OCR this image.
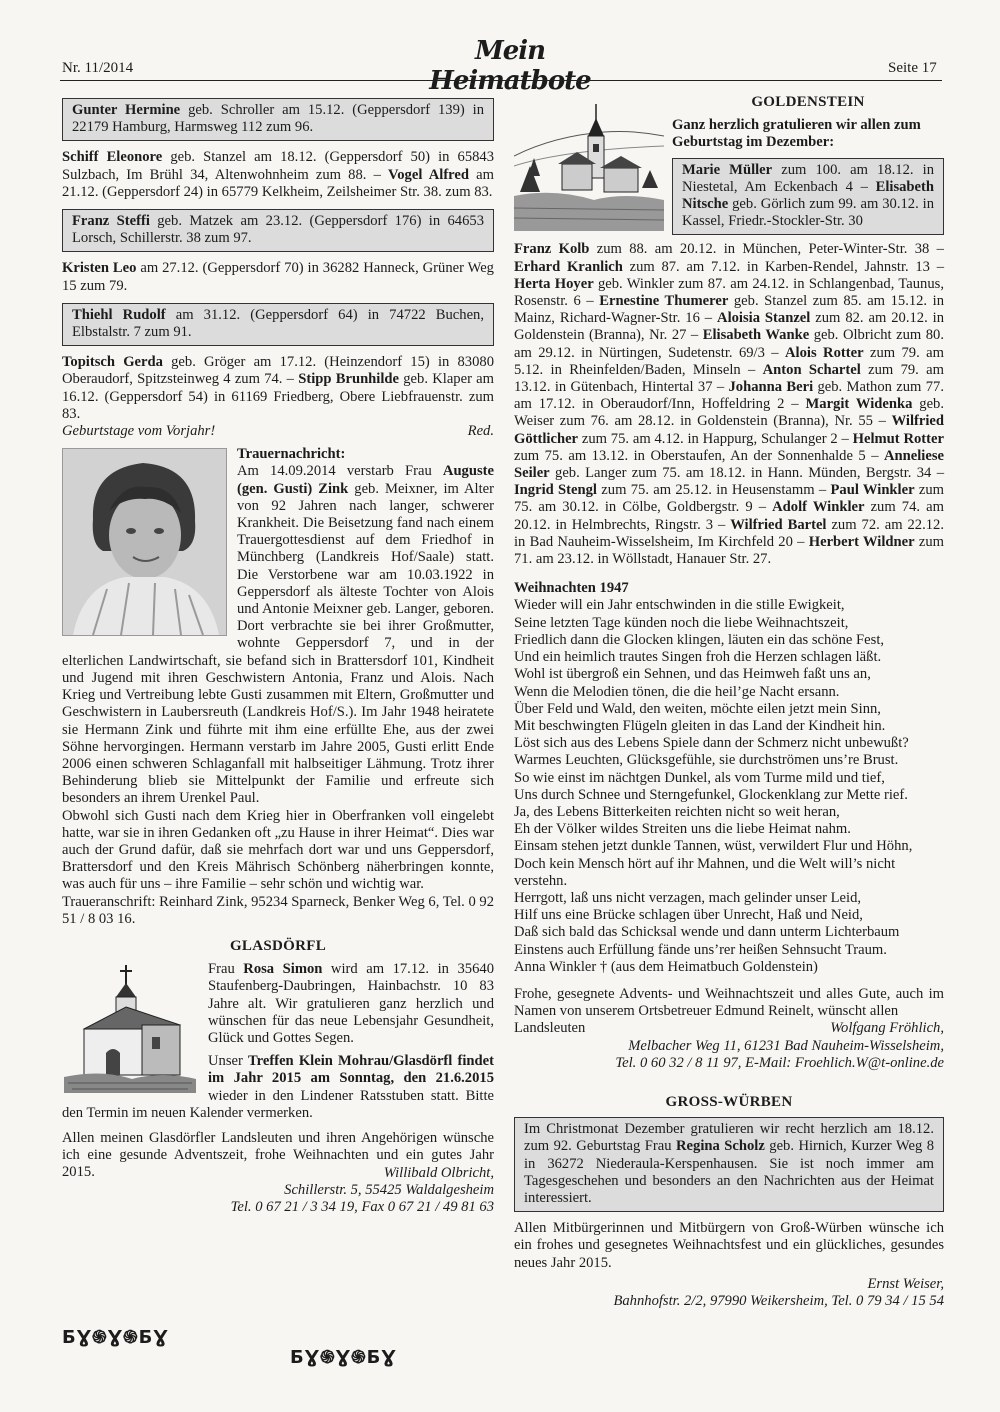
Nr. 11/2014
Mein Heimatbote	Seite 17
Gunter Hermine geb. Schroller am 15.12. (Geppersdorf 139) in 22179 Hamburg, Harmsweg 112 zum 96.

Schiff Eleonore geb. Stanzel am 18.12. (Geppersdorf 50) in 65843 Sulzbach, Im Brühl 34, Altenwohnheim zum 88. – Vogel Alfred am 21.12. (Geppersdorf 24) in 65779 Kelkheim, Zeilsheimer Str. 38. zum 83.

Franz Steffi geb. Matzek am 23.12. (Geppersdorf 176) in 64653 Lorsch, Schillerstr. 38 zum 97.

Kristen Leo am 27.12. (Geppersdorf 70) in 36282 Hanneck, Grüner Weg 15 zum 79.

Thiehl Rudolf am 31.12. (Geppersdorf 64) in 74722 Buchen, Elbstalstr. 7 zum 91.

Topitsch Gerda geb. Gröger am 17.12. (Heinzendorf 15) in 83080 Oberaudorf, Spitzsteinweg 4 zum 74. – Stipp Brunhilde geb. Klaper am 16.12. (Geppersdorf 54) in 61169 Friedberg, Obere Liebfrauenstr. zum 83.

Geburtstage vom Vorjahr!	Red.

Trauernachricht:
Am 14.09.2014 verstarb Frau Auguste (gen. Gusti) Zink geb. Meixner, im Alter von 92 Jahren nach langer, schwerer Krankheit. Die Beisetzung fand nach einem Trauergottesdienst auf dem Friedhof in Münchberg (Landkreis Hof/Saale) statt. Die Verstorbene war am 10.03.1922 in Geppersdorf als älteste Tochter von Alois und Antonie Meixner geb. Langer, geboren. Dort verbrachte sie bei ihrer Großmutter, wohnte Geppersdorf 7, und in der elterlichen Landwirtschaft, sie befand sich in Brattersdorf 101, Kindheit und Jugend mit ihren Geschwistern Antonia, Franz und Alois. Nach Krieg und Vertreibung lebte Gusti zusammen mit Eltern, Großmutter und Geschwistern in Laubersreuth (Landkreis Hof/S.). Im Jahr 1948 heiratete sie Hermann Zink und führte mit ihm eine erfüllte Ehe, aus der zwei Söhne hervorgingen. Hermann verstarb im Jahre 2005, Gusti erlitt Ende 2006 einen schweren Schlaganfall mit halbseitiger Lähmung. Trotz ihrer Behinderung blieb sie Mittelpunkt der Familie und erfreute sich besonders an ihrem Urenkel Paul.

Obwohl sich Gusti nach dem Krieg hier in Oberfranken voll eingelebt hatte, war sie in ihren Gedanken oft „zu Hause in ihrer Heimat“. Dies war auch der Grund dafür, daß sie mehrfach dort war und uns Geppersdorf, Brattersdorf und den Kreis Mährisch Schönberg näherbringen konnte, was auch für uns – ihre Familie – sehr schön und wichtig war.

Traueranschrift: Reinhard Zink, 95234 Sparneck, Benker Weg 6, Tel. 0 92 51 / 8 03 16.

GLASDÖRFL

Frau Rosa Simon wird am 17.12. in 35640 Staufenberg-Daubringen, Hainbachstr. 10 83 Jahre alt. Wir gratulieren ganz herzlich und wünschen für das neue Lebensjahr Gesundheit, Glück und Gottes Segen.

Unser Treffen Klein Mohrau/Glasdörfl findet im Jahr 2015 am Sonntag, den 21.6.2015 wieder in den Lindener Ratsstuben statt. Bitte den Termin im neuen Kalender vermerken.

Allen meinen Glasdörfler Landsleuten und ihren Angehörigen wünsche ich eine gesunde Adventszeit, frohe Weihnachten und ein gutes Jahr 2015.	Willibald Olbricht,

Schillerstr. 5, 55425 Waldalgesheim

Tel. 0 67 21 / 3 34 19, Fax 0 67 21 / 49 81 63

ƂƔ֍Ɣ֍ƂƔ
ƂƔ֍Ɣ֍ƂƔ
GOLDENSTEIN

Ganz herzlich gratulieren wir allen zum Geburtstag im Dezember:

Marie Müller zum 100. am 18.12. in Niestetal, Am Eckenbach 4 – Elisabeth Nitsche geb. Görlich zum 99. am 30.12. in Kassel, Friedr.-Stockler-Str. 30

Franz Kolb zum 88. am 20.12. in München, Peter-Winter-Str. 38 – Erhard Kranlich zum 87. am 7.12. in Karben-Rendel, Jahnstr. 13 – Herta Hoyer geb. Winkler zum 87. am 24.12. in Schlangenbad, Taunus, Rosenstr. 6 – Ernestine Thumerer geb. Stanzel zum 85. am 15.12. in Mainz, Richard-Wagner-Str. 16 – Aloisia Stanzel zum 82. am 20.12. in Goldenstein (Branna), Nr. 27 – Elisabeth Wanke geb. Olbricht zum 80. am 29.12. in Nürtingen, Sudetenstr. 69/3 – Alois Rotter zum 79. am 5.12. in Rheinfelden/Baden, Minseln – Anton Schartel zum 79. am 13.12. in Gütenbach, Hintertal 37 – Johanna Beri geb. Mathon zum 77. am 17.12. in Oberaudorf/Inn, Hoffeldring 2 – Margit Widenka geb. Weiser zum 76. am 28.12. in Goldenstein (Branna), Nr. 55 – Wilfried Göttlicher zum 75. am 4.12. in Happurg, Schulanger 2 – Helmut Rotter zum 75. am 13.12. in Oberstaufen, An der Sonnenhalde 5 – Anneliese Seiler geb. Langer zum 75. am 18.12. in Hann. Münden, Bergstr. 34 – Ingrid Stengl zum 75. am 25.12. in Heusenstamm – Paul Winkler zum 75. am 30.12. in Cölbe, Goldbergstr. 9 – Adolf Winkler zum 74. am 20.12. in Helmbrechts, Ringstr. 3 – Wilfried Bartel zum 72. am 22.12. in Bad Nauheim-Wisselsheim, Im Kirchfeld 20 – Herbert Wildner zum 71. am 23.12. in Wöllstadt, Hanauer Str. 27.

Weihnachten 1947

Wieder will ein Jahr entschwinden in die stille Ewigkeit,
Seine letzten Tage künden noch die liebe Weihnachtszeit,
Friedlich dann die Glocken klingen, läuten ein das schöne Fest,
Und ein heimlich trautes Singen froh die Herzen schlagen läßt.
Wohl ist übergroß ein Sehnen, und das Heimweh faßt uns an,
Wenn die Melodien tönen, die die heil’ge Nacht ersann.
Über Feld und Wald, den weiten, möchte eilen jetzt mein Sinn,
Mit beschwingten Flügeln gleiten in das Land der Kindheit hin.
Löst sich aus des Lebens Spiele dann der Schmerz nicht unbewußt?
Warmes Leuchten, Glücksgefühle, sie durchströmen uns’re Brust.
So wie einst im nächtgen Dunkel, als vom Turme mild und tief,
Uns durch Schnee und Sterngefunkel, Glockenklang zur Mette rief.
Ja, des Lebens Bitterkeiten reichten nicht so weit heran,
Eh der Völker wildes Streiten uns die liebe Heimat nahm.
Einsam stehen jetzt dunkle Tannen, wüst, verwildert Flur und Höhn,
Doch kein Mensch hört auf ihr Mahnen, und die Welt will’s nicht
verstehn.
Herrgott, laß uns nicht verzagen, mach gelinder unser Leid,
Hilf uns eine Brücke schlagen über Unrecht, Haß und Neid,
Daß sich bald das Schicksal wende und dann unterm Lichterbaum
Einstens auch Erfüllung fände uns’rer heißen Sehnsucht Traum.
Anna Winkler † (aus dem Heimatbuch Goldenstein)

Frohe, gesegnete Advents- und Weihnachtszeit und alles Gute, auch im Namen von unserem Ortsbetreuer Edmund Reinelt, wünscht allen

Landsleuten	Wolfgang Fröhlich,

Melbacher Weg 11, 61231 Bad Nauheim-Wisselsheim,

Tel. 0 60 32 / 8 11 97, E-Mail: Froehlich.W@t-online.de

GROSS-WÜRBEN
Im Christmonat Dezember gratulieren wir recht herzlich am 18.12. zum 92. Geburtstag Frau Regina Scholz geb. Hirnich, Kurzer Weg 8 in 36272 Niederaula-Kerspenhausen. Sie ist noch immer am Tagesgeschehen und besonders an den Nachrichten aus der Heimat interessiert.

Allen Mitbürgerinnen und Mitbürgern von Groß-Würben wünsche ich ein frohes und gesegnetes Weihnachtsfest und ein glückliches, gesundes neues Jahr 2015.

Ernst Weiser,

Bahnhofstr. 2/2, 97990 Weikersheim, Tel. 0 79 34 / 15 54
